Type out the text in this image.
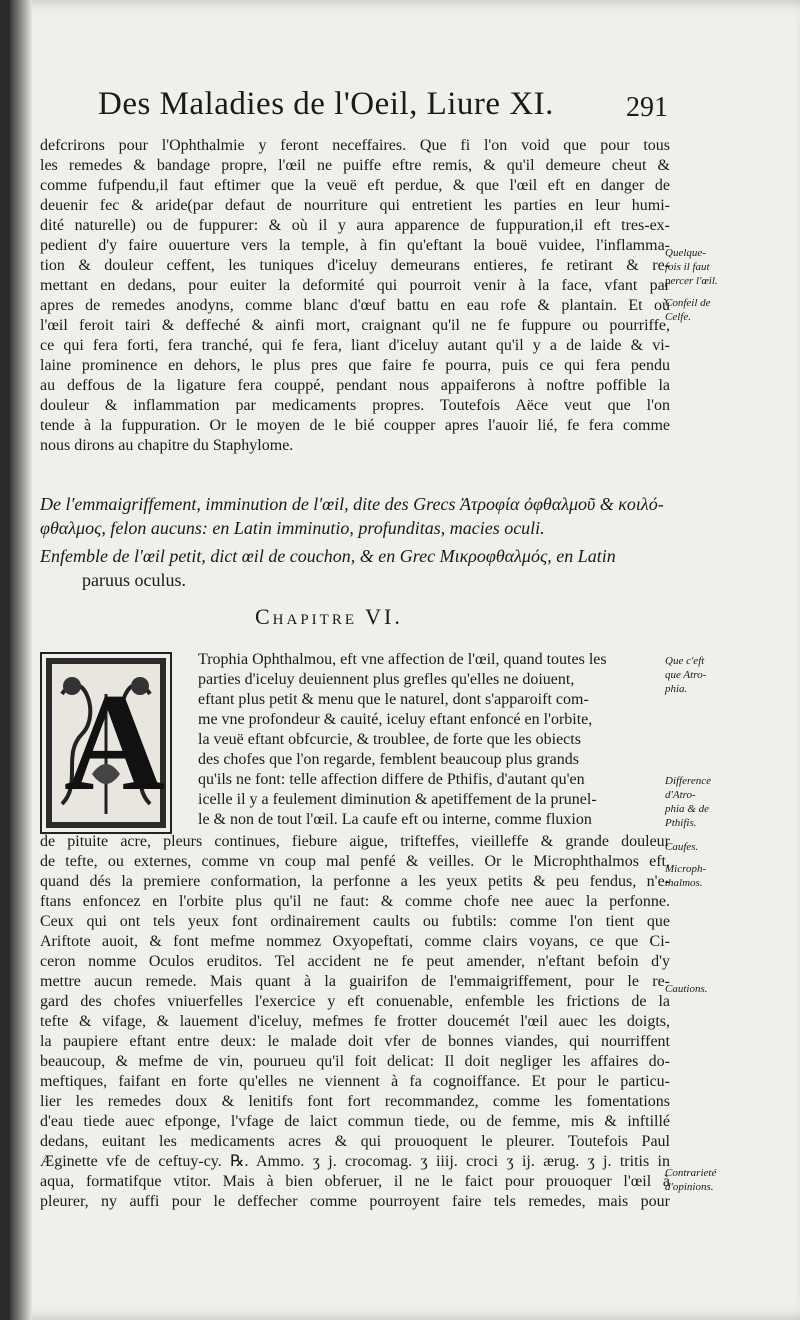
Des Maladies de l'Oeil, Liure XI.	291
defcrirons pour l'Ophthalmie y feront neceffaires. Que fi l'on void que pour tous
les remedes & bandage propre, l'œil ne puiffe eftre remis, & qu'il demeure cheut &
comme fufpendu,il faut eftimer que la veuë eft perdue, & que l'œil eft en danger de
deuenir fec & aride(par defaut de nourriture qui entretient les parties en leur humi-
dité naturelle) ou de fuppurer: & où il y aura apparence de fuppuration,il eft tres-ex-
pedient d'y faire ouuerture vers la temple, à fin qu'eftant la bouë vuidee, l'inflamma-
tion & douleur ceffent, les tuniques d'iceluy demeurans entieres, fe retirant & re-
mettant en dedans, pour euiter la deformité qui pourroit venir à la face, vfant par
apres de remedes anodyns, comme blanc d'œuf battu en eau rofe & plantain. Et où
l'œil feroit tairi & deffeché & ainfi mort, craignant qu'il ne fe fuppure ou pourriffe,
ce qui fera forti, fera tranché, qui fe fera, liant d'iceluy autant qu'il y a de laide & vi-
laine prominence en dehors, le plus pres que faire fe pourra, puis ce qui fera pendu
au deffous de la ligature fera couppé, pendant nous appaiferons à noftre poffible la
douleur & inflammation par medicaments propres. Toutefois Aëce veut que l'on
tende à la fuppuration. Or le moyen de le bié coupper apres l'auoir lié, fe fera comme
nous dirons au chapitre du Staphylome.
De l'emmaigriffement, imminution de l'œil, dite des Grecs Ἀτροφία ὀφθαλμοῦ & κοιλό-
φθαλμος, felon aucuns: en Latin imminutio, profunditas, macies oculi.
Enfemble de l'œil petit, dict œil de couchon, & en Grec Μικροφθαλμός, en Latin
paruus oculus.
Chapitre VI.
A
Trophia Ophthalmou, eft vne affection de l'œil, quand toutes les
parties d'iceluy deuiennent plus grefles qu'elles ne doiuent,
eftant plus petit & menu que le naturel, dont s'apparoift com-
me vne profondeur & cauité, iceluy eftant enfoncé en l'orbite,
la veuë eftant obfcurcie, & troublee, de forte que les obiects
des chofes que l'on regarde, femblent beaucoup plus grands
qu'ils ne font: telle affection differe de Pthifis, d'autant qu'en
icelle il y a feulement diminution & apetiffement de la prunel-
le & non de tout l'œil. La caufe eft ou interne, comme fluxion
de pituite acre, pleurs continues, fiebure aigue, trifteffes, vieilleffe & grande douleur
de tefte, ou externes, comme vn coup mal penfé & veilles. Or le Microphthalmos eft,
quand dés la premiere conformation, la perfonne a les yeux petits & peu fendus, n'e-
ftans enfoncez en l'orbite plus qu'il ne faut: & comme chofe nee auec la perfonne.
Ceux qui ont tels yeux font ordinairement caults ou fubtils: comme l'on tient que
Ariftote auoit, & font mefme nommez Oxyopeftati, comme clairs voyans, ce que Ci-
ceron nomme Oculos eruditos. Tel accident ne fe peut amender, n'eftant befoin d'y
mettre aucun remede. Mais quant à la guairifon de l'emmaigriffement, pour le re-
gard des chofes vniuerfelles l'exercice y eft conuenable, enfemble les frictions de la
tefte & vifage, & lauement d'iceluy, mefmes fe frotter doucemét l'œil auec les doigts,
la paupiere eftant entre deux: le malade doit vfer de bonnes viandes, qui nourriffent
beaucoup, & mefme de vin, pourueu qu'il foit delicat: Il doit negliger les affaires do-
meftiques, faifant en forte qu'elles ne viennent à fa cognoiffance. Et pour le particu-
lier les remedes doux & lenitifs font fort recommandez, comme les fomentations
d'eau tiede auec efponge, l'vfage de laict commun tiede, ou de femme, mis & inftillé
dedans, euitant les medicaments acres & qui prouoquent le pleurer. Toutefois Paul
Æginette vfe de ceftuy-cy. ℞. Ammo. ʒ j. crocomag. ʒ iiij. croci ʒ ij. ærug. ʒ j. tritis in
aqua, formatifque vtitor. Mais à bien obferuer, il ne le faict pour prouoquer l'œil à
pleurer, ny auffi pour le deffecher comme pourroyent faire tels remedes, mais pour
Quelque-
fois il faut
percer l'œil.
Confeil de
Celfe.
Que c'eft
que Atro-
phia.
Difference
d'Atro-
phia & de
Pthifis.
Caufes.
Microph-
thalmos.
Cautions.
Contrarieté
d'opinions.
